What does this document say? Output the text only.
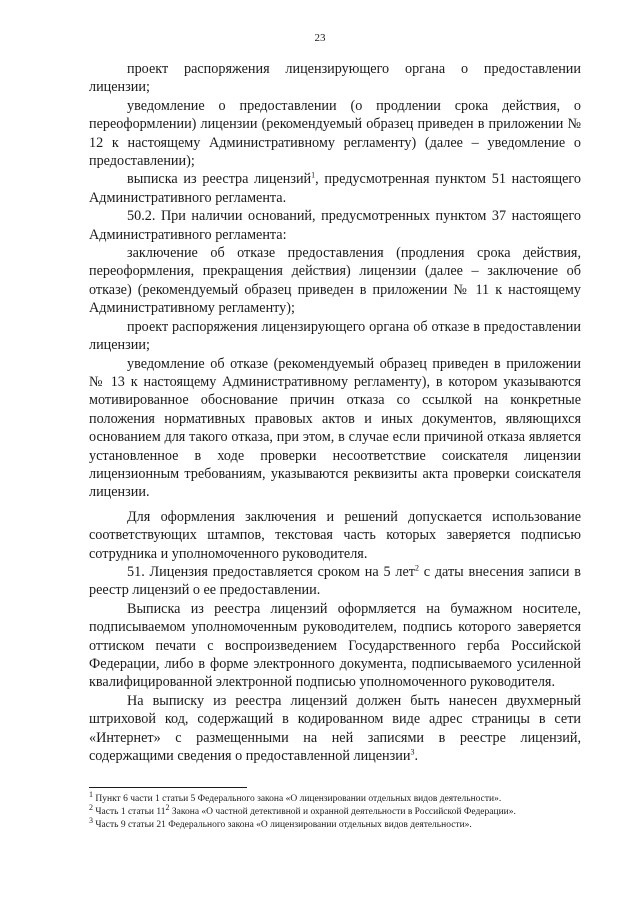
23

проект распоряжения лицензирующего органа о предоставлении лицензии;

уведомление о предоставлении (о продлении срока действия, о переоформлении) лицензии (рекомендуемый образец приведен в приложении № 12 к настоящему Административному регламенту) (далее – уведомление о предоставлении);

выписка из реестра лицензий$^1$, предусмотренная пунктом 51 настоящего Административного регламента.

50.2. При наличии оснований, предусмотренных пунктом 37 настоящего Административного регламента:

заключение об отказе предоставления (продления срока действия, переоформления, прекращения действия) лицензии (далее – заключение об отказе) (рекомендуемый образец приведен в приложении № 11 к настоящему Административному регламенту);

проект распоряжения лицензирующего органа об отказе в предоставлении лицензии;

уведомление об отказе (рекомендуемый образец приведен в приложении № 13 к настоящему Административному регламенту), в котором указываются мотивированное обоснование причин отказа со ссылкой на конкретные положения нормативных правовых актов и иных документов, являющихся основанием для такого отказа, при этом, в случае если причиной отказа является установленное в ходе проверки несоответствие соискателя лицензии лицензионным требованиям, указываются реквизиты акта проверки соискателя лицензии.

Для оформления заключения и решений допускается использование соответствующих штампов, текстовая часть которых заверяется подписью сотрудника и уполномоченного руководителя.

51. Лицензия предоставляется сроком на 5 лет$^2$ с даты внесения записи в реестр лицензий о ее предоставлении.

Выписка из реестра лицензий оформляется на бумажном носителе, подписываемом уполномоченным руководителем, подпись которого заверяется оттиском печати с воспроизведением Государственного герба Российской Федерации, либо в форме электронного документа, подписываемого усиленной квалифицированной электронной подписью уполномоченного руководителя.

На выписку из реестра лицензий должен быть нанесен двухмерный штриховой код, содержащий в кодированном виде адрес страницы в сети «Интернет» с размещенными на ней записями в реестре лицензий, содержащими сведения о предоставленной лицензии$^3$.

$^1$ Пункт 6 части 1 статьи 5 Федерального закона «О лицензировании отдельных видов деятельности».
$^2$ Часть 1 статьи $11^2$ Закона «О частной детективной и охранной деятельности в Российской Федерации».
$^3$ Часть 9 статьи 21 Федерального закона «О лицензировании отдельных видов деятельности».
